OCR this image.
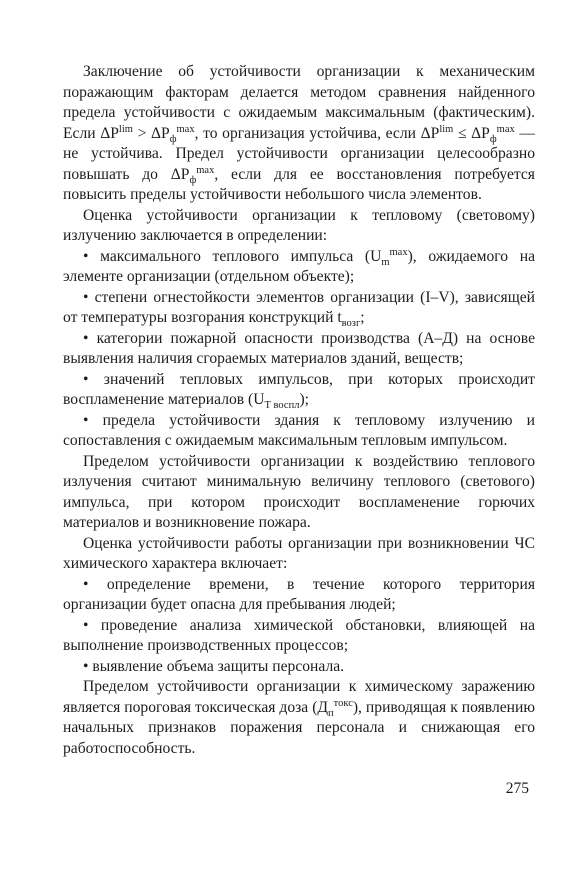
Заключение об устойчивости организации к механическим поражающим факторам делается методом сравнения найденного предела устойчивости с ожидаемым максимальным (фактическим). Если $\Delta P^{lim} > \Delta P_ф^{max}$, то организация устойчива, если $\Delta P^{lim} \le \Delta P_ф^{max}$ — не устойчива. Предел устойчивости организации целесообразно повышать до $\Delta P_ф^{max}$, если для ее восстановления потребуется повысить пределы устойчивости небольшого числа элементов.

Оценка устойчивости организации к тепловому (световому) излучению заключается в определении:

• максимального теплового импульса $(U_m^{max})$, ожидаемого на элементе организации (отдельном объекте);

• степени огнестойкости элементов организации (I–V), зависящей от температуры возгорания конструкций $t_{возг}$;

• категории пожарной опасности производства (А–Д) на основе выявления наличия сгораемых материалов зданий, веществ;

• значений тепловых импульсов, при которых происходит воспламенение материалов $(U_{Т воспл})$;

• предела устойчивости здания к тепловому излучению и сопоставления с ожидаемым максимальным тепловым импульсом.

Пределом устойчивости организации к воздействию теплового излучения считают минимальную величину теплового (светового) импульса, при котором происходит воспламенение горючих материалов и возникновение пожара.

Оценка устойчивости работы организации при возникновении ЧС химического характера включает:

• определение времени, в течение которого территория организации будет опасна для пребывания людей;

• проведение анализа химической обстановки, влияющей на выполнение производственных процессов;

• выявление объема защиты персонала.

Пределом устойчивости организации к химическому заражению является пороговая токсическая доза $(Д_п^{токс})$, приводящая к появлению начальных признаков поражения персонала и снижающая его работоспособность.

275
